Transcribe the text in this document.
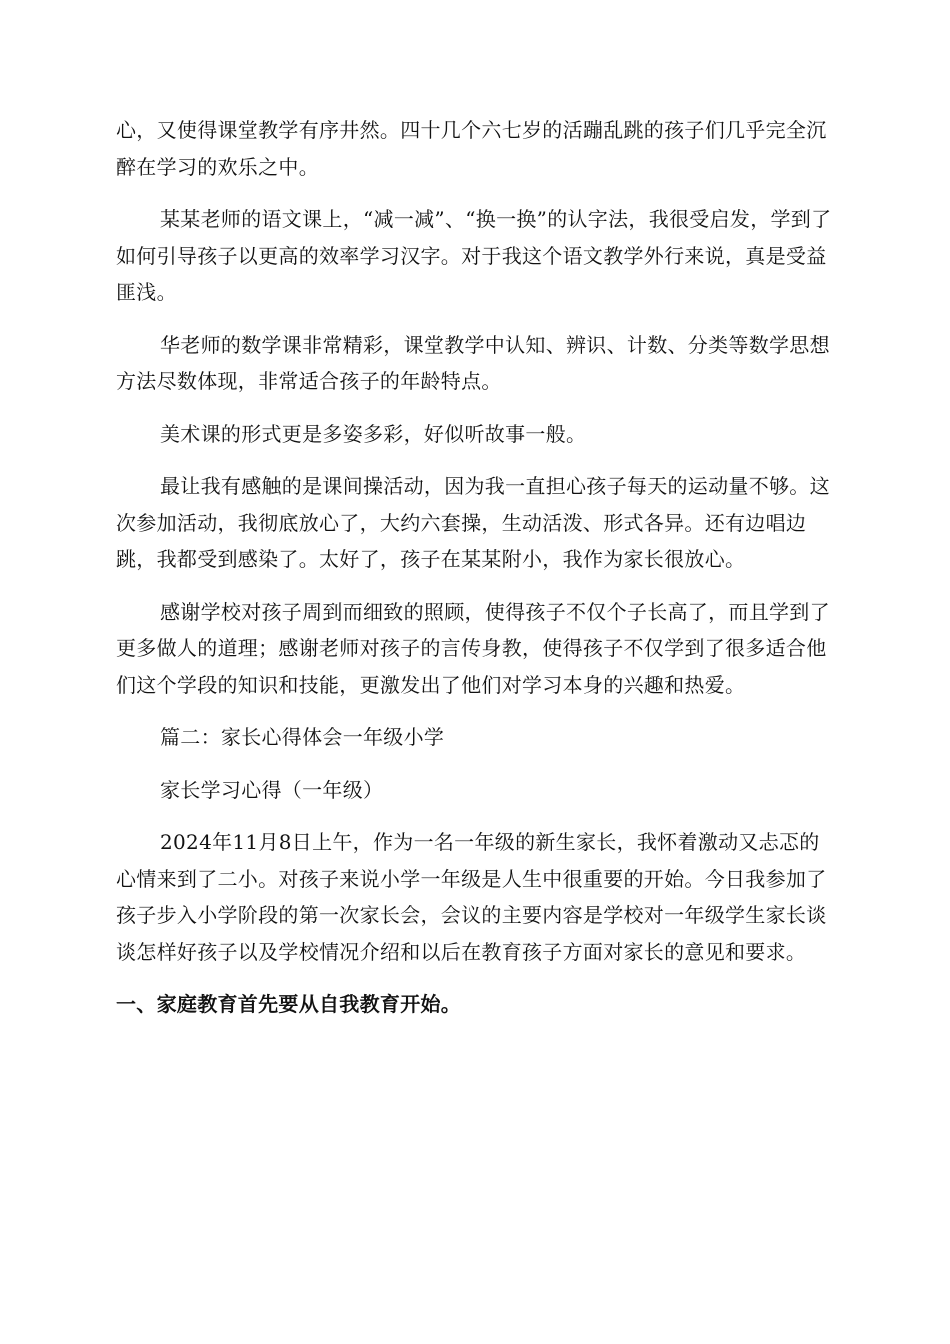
心，又使得课堂教学有序井然。四十几个六七岁的活蹦乱跳的孩子们几乎完全沉醉在学习的欢乐之中。

某某老师的语文课上，“减一减”、“换一换”的认字法，我很受启发，学到了如何引导孩子以更高的效率学习汉字。对于我这个语文教学外行来说，真是受益匪浅。

华老师的数学课非常精彩，课堂教学中认知、辨识、计数、分类等数学思想方法尽数体现，非常适合孩子的年龄特点。

美术课的形式更是多姿多彩，好似听故事一般。

最让我有感触的是课间操活动，因为我一直担心孩子每天的运动量不够。这次参加活动，我彻底放心了，大约六套操，生动活泼、形式各异。还有边唱边跳，我都受到感染了。太好了，孩子在某某附小，我作为家长很放心。

感谢学校对孩子周到而细致的照顾，使得孩子不仅个子长高了，而且学到了更多做人的道理；感谢老师对孩子的言传身教，使得孩子不仅学到了很多适合他们这个学段的知识和技能，更激发出了他们对学习本身的兴趣和热爱。

篇二：家长心得体会一年级小学

家长学习心得（一年级）

2024年11月8日上午，作为一名一年级的新生家长，我怀着激动又忐忑的心情来到了二小。对孩子来说小学一年级是人生中很重要的开始。今日我参加了孩子步入小学阶段的第一次家长会，会议的主要内容是学校对一年级学生家长谈谈怎样好孩子以及学校情况介绍和以后在教育孩子方面对家长的意见和要求。

一、家庭教育首先要从自我教育开始。
